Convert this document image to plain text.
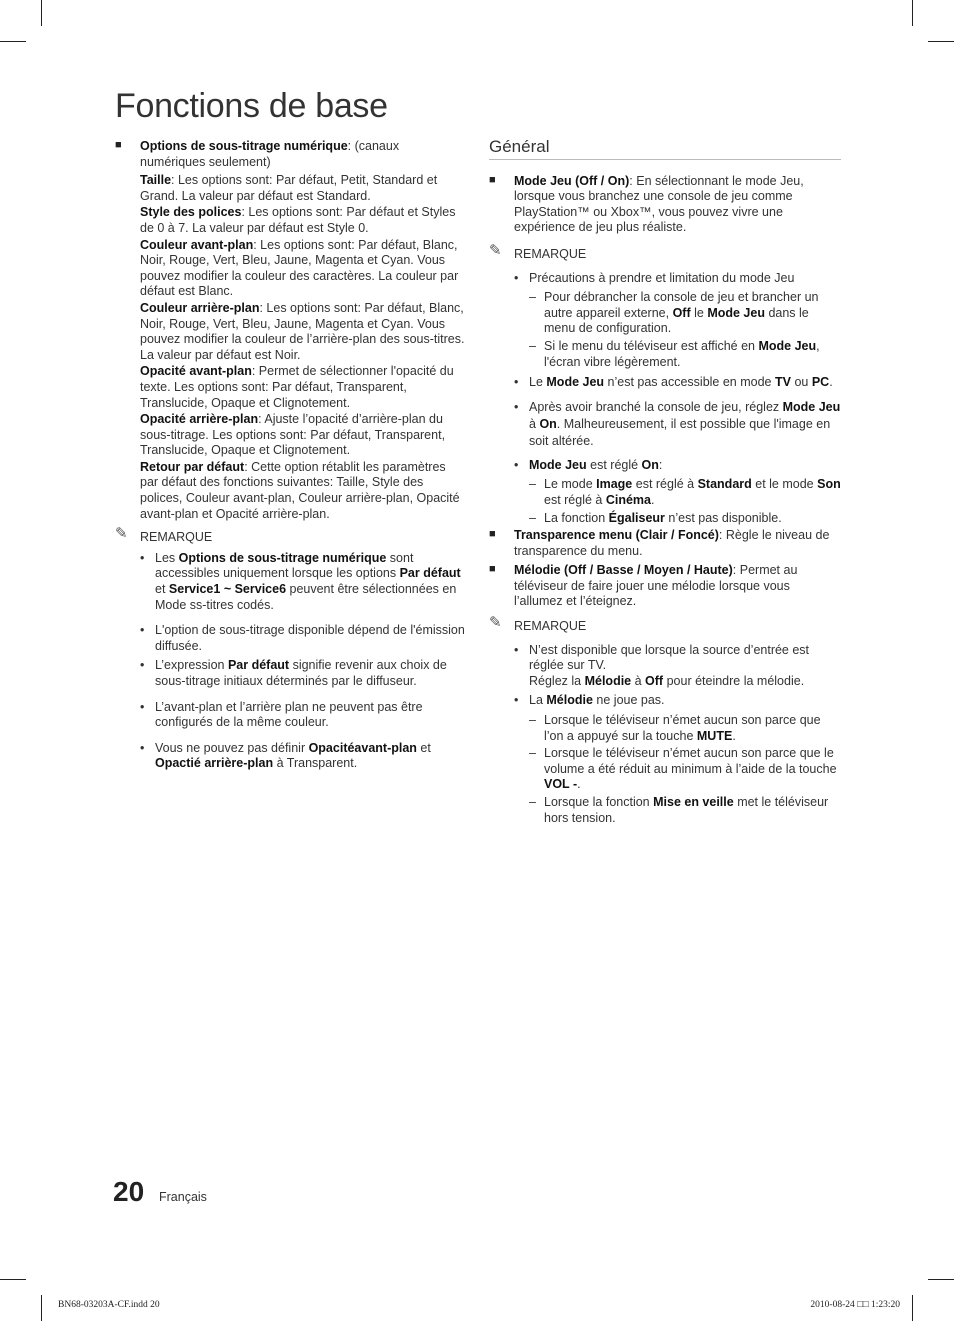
Fonctions de base
■ Options de sous-titrage numérique: (canaux numériques seulement)
Taille: Les options sont: Par défaut, Petit, Standard et Grand. La valeur par défaut est Standard.
Style des polices: Les options sont: Par défaut et Styles de 0 à 7. La valeur par défaut est Style 0.
Couleur avant-plan: Les options sont: Par défaut, Blanc, Noir, Rouge, Vert, Bleu, Jaune, Magenta et Cyan. Vous pouvez modifier la couleur des caractères. La couleur par défaut est Blanc.
Couleur arrière-plan: Les options sont: Par défaut, Blanc, Noir, Rouge, Vert, Bleu, Jaune, Magenta et Cyan. Vous pouvez modifier la couleur de l’arrière-plan des sous-titres. La valeur par défaut est Noir.
Opacité avant-plan: Permet de sélectionner l'opacité du texte. Les options sont: Par défaut, Transparent, Translucide, Opaque et Clignotement.
Opacité arrière-plan: Ajuste l’opacité d’arrière-plan du sous-titrage. Les options sont: Par défaut, Transparent, Translucide, Opaque et Clignotement.
Retour par défaut: Cette option rétablit les paramètres par défaut des fonctions suivantes: Taille, Style des polices, Couleur avant-plan, Couleur arrière-plan, Opacité avant-plan et Opacité arrière-plan.
✎ REMARQUE
• Les Options de sous-titrage numérique sont accessibles uniquement lorsque les options Par défaut et Service1 ~ Service6 peuvent être sélectionnées en Mode ss-titres codés.
• L'option de sous-titrage disponible dépend de l'émission diffusée.
• L’expression Par défaut signifie revenir aux choix de sous-titrage initiaux déterminés par le diffuseur.
• L’avant-plan et l’arrière plan ne peuvent pas être configurés de la même couleur.
• Vous ne pouvez pas définir Opacitéavant-plan et Opactié arrière-plan à Transparent.
Général
■ Mode Jeu (Off / On): En sélectionnant le mode Jeu, lorsque vous branchez une console de jeu comme PlayStation™ ou Xbox™, vous pouvez vivre une expérience de jeu plus réaliste.
✎ REMARQUE
• Précautions à prendre et limitation du mode Jeu
– Pour débrancher la console de jeu et brancher un autre appareil externe, Off le Mode Jeu dans le menu de configuration.
– Si le menu du téléviseur est affiché en Mode Jeu, l'écran vibre légèrement.
• Le Mode Jeu n’est pas accessible en mode TV ou PC.
• Après avoir branché la console de jeu, réglez Mode Jeu à On. Malheureusement, il est possible que l'image en soit altérée.
• Mode Jeu est réglé On:
– Le mode Image est réglé à Standard et le mode Son est réglé à Cinéma.
– La fonction Égaliseur n’est pas disponible.
■ Transparence menu (Clair / Foncé): Règle le niveau de transparence du menu.
■ Mélodie (Off / Basse / Moyen / Haute): Permet au téléviseur de faire jouer une mélodie lorsque vous l’allumez et l’éteignez.
✎ REMARQUE
• N’est disponible que lorsque la source d’entrée est réglée sur TV.
Réglez la Mélodie à Off pour éteindre la mélodie.
• La Mélodie ne joue pas.
– Lorsque le téléviseur n’émet aucun son parce que l’on a appuyé sur la touche MUTE.
– Lorsque le téléviseur n’émet aucun son parce que le volume a été réduit au minimum à l’aide de la touche VOL -.
– Lorsque la fonction Mise en veille met le téléviseur hors tension.
20 Français
BN68-03203A-CF.indd 20	2010-08-24 □□ 1:23:20
